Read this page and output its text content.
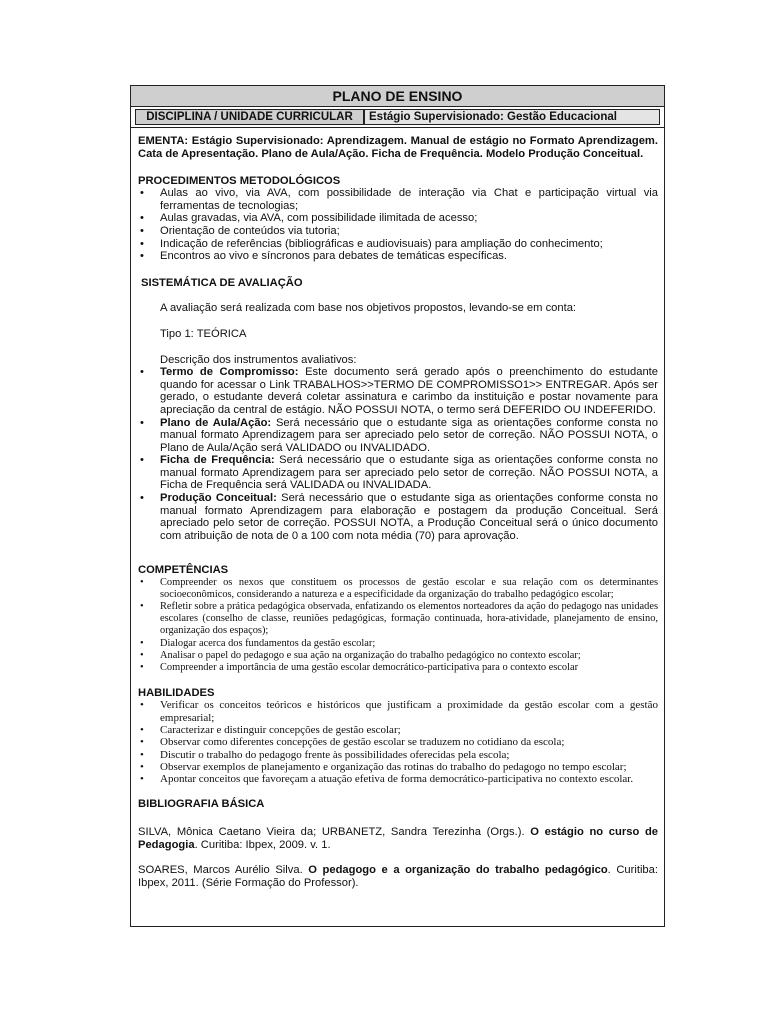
PLANO DE ENSINO
DISCIPLINA / UNIDADE CURRICULAR	Estágio Supervisionado: Gestão Educacional
EMENTA: Estágio Supervisionado: Aprendizagem. Manual de estágio no Formato Aprendizagem. Cata de Apresentação. Plano de Aula/Ação. Ficha de Frequência. Modelo Produção Conceitual.
PROCEDIMENTOS METODOLÓGICOS
• Aulas ao vivo, via AVA, com possibilidade de interação via Chat e participação virtual via ferramentas de tecnologias;
• Aulas gravadas, via AVA, com possibilidade ilimitada de acesso;
• Orientação de conteúdos via tutoria;
• Indicação de referências (bibliográficas e audiovisuais) para ampliação do conhecimento;
• Encontros ao vivo e síncronos para debates de temáticas específicas.
SISTEMÁTICA DE AVALIAÇÃO
A avaliação será realizada com base nos objetivos propostos, levando-se em conta:
Tipo 1: TEÓRICA
Descrição dos instrumentos avaliativos:
• Termo de Compromisso: Este documento será gerado após o preenchimento do estudante quando for acessar o Link TRABALHOS>>TERMO DE COMPROMISSO1>> ENTREGAR. Após ser gerado, o estudante deverá coletar assinatura e carimbo da instituição e postar novamente para apreciação da central de estágio. NÃO POSSUI NOTA, o termo será DEFERIDO OU INDEFERIDO.
• Plano de Aula/Ação: Será necessário que o estudante siga as orientações conforme consta no manual formato Aprendizagem para ser apreciado pelo setor de correção. NÃO POSSUI NOTA, o Plano de Aula/Ação será VALIDADO ou INVALIDADO.
• Ficha de Frequência: Será necessário que o estudante siga as orientações conforme consta no manual formato Aprendizagem para ser apreciado pelo setor de correção. NÃO POSSUI NOTA, a Ficha de Frequência será VALIDADA ou INVALIDADA.
• Produção Conceitual: Será necessário que o estudante siga as orientações conforme consta no manual formato Aprendizagem para elaboração e postagem da produção Conceitual. Será apreciado pelo setor de correção. POSSUI NOTA, a Produção Conceitual será o único documento com atribuição de nota de 0 a 100 com nota média (70) para aprovação.
COMPETÊNCIAS
• Compreender os nexos que constituem os processos de gestão escolar e sua relação com os determinantes socioeconômicos, considerando a natureza e a especificidade da organização do trabalho pedagógico escolar;
• Refletir sobre a prática pedagógica observada, enfatizando os elementos norteadores da ação do pedagogo nas unidades escolares (conselho de classe, reuniões pedagógicas, formação continuada, hora-atividade, planejamento de ensino, organização dos espaços);
• Dialogar acerca dos fundamentos da gestão escolar;
• Analisar o papel do pedagogo e sua ação na organização do trabalho pedagógico no contexto escolar;
• Compreender a importância de uma gestão escolar democrático-participativa para o contexto escolar
HABILIDADES
• Verificar os conceitos teóricos e históricos que justificam a proximidade da gestão escolar com a gestão empresarial;
• Caracterizar e distinguir concepções de gestão escolar;
• Observar como diferentes concepções de gestão escolar se traduzem no cotidiano da escola;
• Discutir o trabalho do pedagogo frente às possibilidades oferecidas pela escola;
• Observar exemplos de planejamento e organização das rotinas do trabalho do pedagogo no tempo escolar;
• Apontar conceitos que favoreçam a atuação efetiva de forma democrático-participativa no contexto escolar.
BIBLIOGRAFIA BÁSICA
SILVA, Mônica Caetano Vieira da; URBANETZ, Sandra Terezinha (Orgs.). O estágio no curso de Pedagogia. Curitiba: Ibpex, 2009. v. 1.
SOARES, Marcos Aurélio Silva. O pedagogo e a organização do trabalho pedagógico. Curitiba: Ibpex, 2011. (Série Formação do Professor).
